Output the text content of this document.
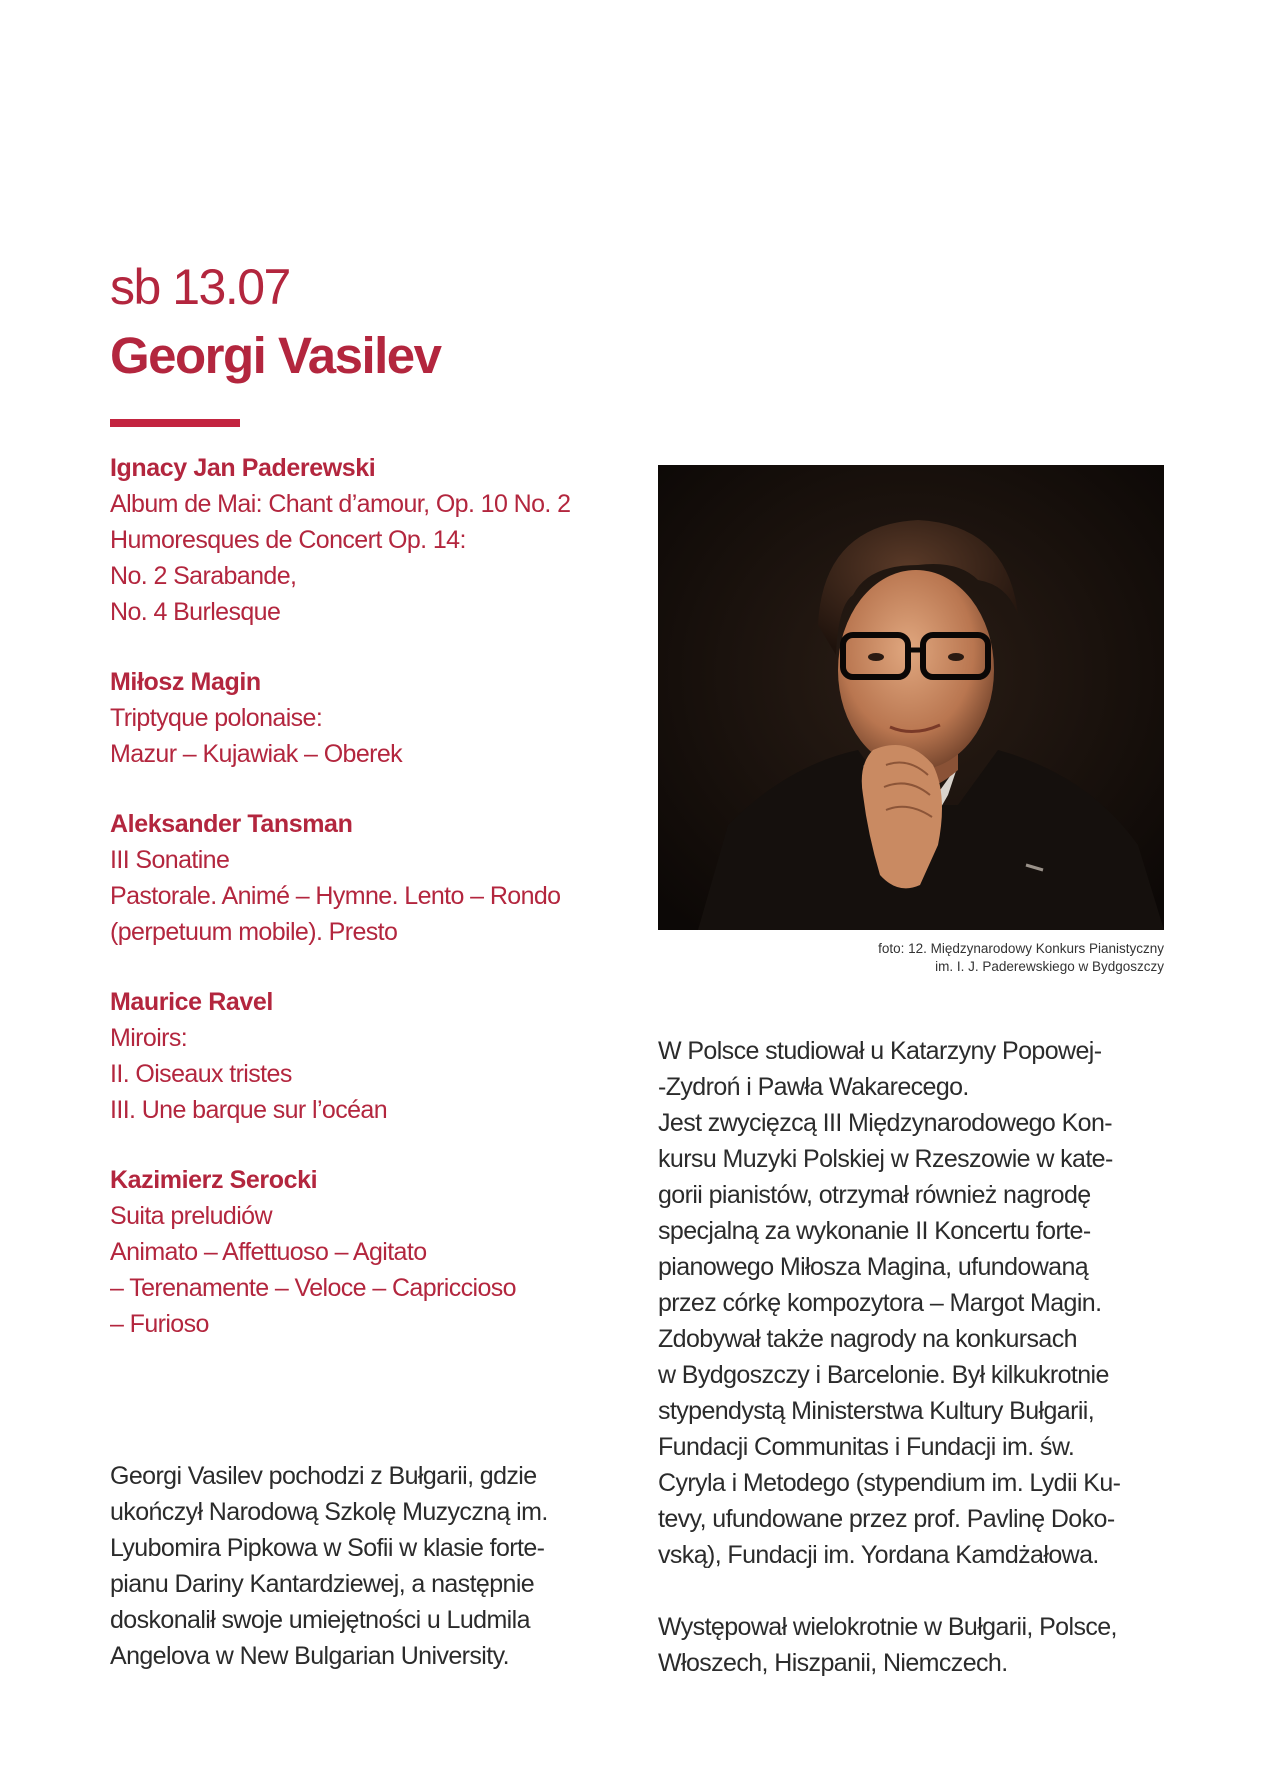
sb 13.07
Georgi Vasilev
Ignacy Jan Paderewski
Album de Mai: Chant d’amour, Op. 10 No. 2
Humoresques de Concert Op. 14:
No. 2 Sarabande,
No. 4 Burlesque
Miłosz Magin
Triptyque polonaise:
Mazur – Kujawiak – Oberek
Aleksander Tansman
III Sonatine
Pastorale. Animé – Hymne. Lento – Rondo
(perpetuum mobile). Presto
Maurice Ravel
Miroirs:
II. Oiseaux tristes
III. Une barque sur l’océan
Kazimierz Serocki
Suita preludiów
Animato – Affettuoso – Agitato
– Terenamente – Veloce – Capriccioso
– Furioso
foto: 12. Międzynarodowy Konkurs Pianistyczny
im. I. J. Paderewskiego w Bydgoszczy
Georgi Vasilev pochodzi z Bułgarii, gdzie
ukończył Narodową Szkolę Muzyczną im.
Lyubomira Pipkowa w Sofii w klasie forte-
pianu Dariny Kantardziewej, a następnie
doskonalił swoje umiejętności u Ludmila
Angelova w New Bulgarian University.
W Polsce studiował u Katarzyny Popowej-
-Zydroń i Pawła Wakarecego.
Jest zwycięzcą III Międzynarodowego Kon-
kursu Muzyki Polskiej w Rzeszowie w kate-
gorii pianistów, otrzymał również nagrodę
specjalną za wykonanie II Koncertu forte-
pianowego Miłosza Magina, ufundowaną
przez córkę kompozytora – Margot Magin.
Zdobywał także nagrody na konkursach
w Bydgoszczy i Barcelonie. Był kilkukrotnie
stypendystą Ministerstwa Kultury Bułgarii,
Fundacji Communitas i Fundacji im. św.
Cyryla i Metodego (stypendium im. Lydii Ku-
tevy, ufundowane przez prof. Pavlinę Doko-
vską), Fundacji im. Yordana Kamdżałowa.
Występował wielokrotnie w Bułgarii, Polsce,
Włoszech, Hiszpanii, Niemczech.
